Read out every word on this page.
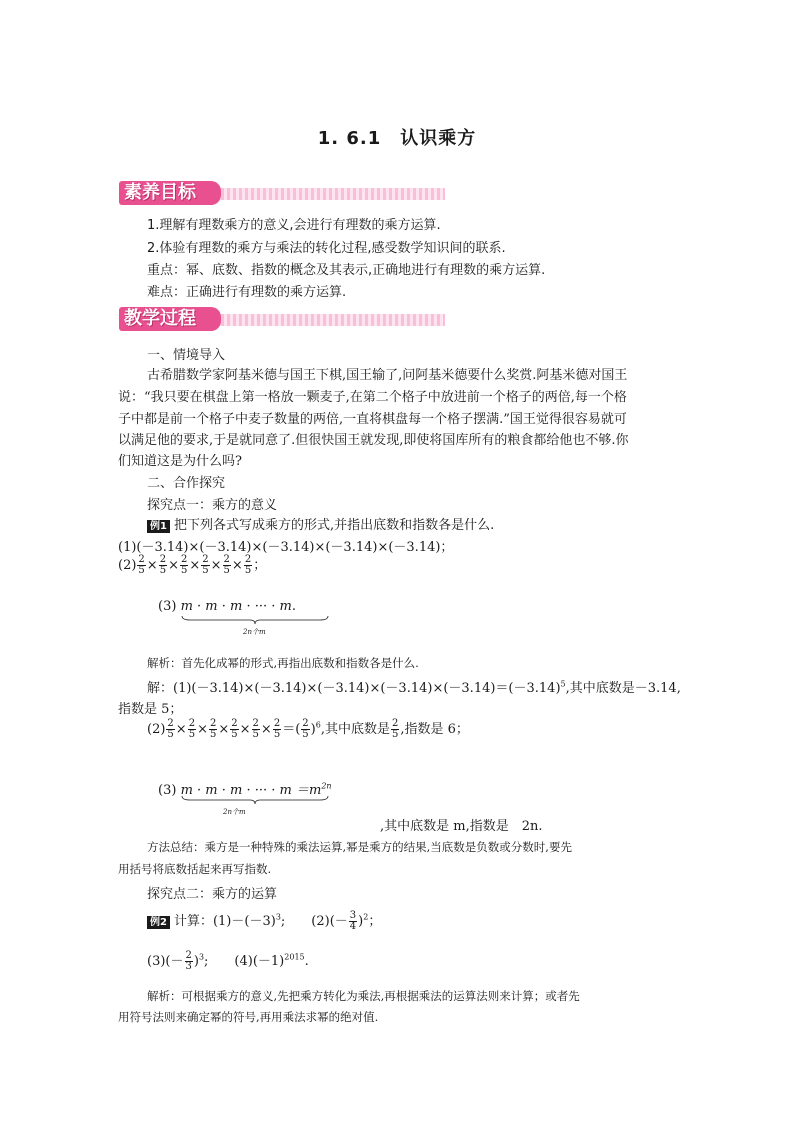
1. 6.1　认识乘方
素养目标
1.理解有理数乘方的意义,会进行有理数的乘方运算.
2.体验有理数的乘方与乘法的转化过程,感受数学知识间的联系.
重点：幂、底数、指数的概念及其表示,正确地进行有理数的乘方运算.
难点：正确进行有理数的乘方运算.
教学过程
一、情境导入
古希腊数学家阿基米德与国王下棋,国王输了,问阿基米德要什么奖赏.阿基米德对国王
说：“我只要在棋盘上第一格放一颗麦子,在第二个格子中放进前一个格子的两倍,每一个格
子中都是前一个格子中麦子数量的两倍,一直将棋盘每一个格子摆满.”国王觉得很容易就可
以满足他的要求,于是就同意了.但很快国王就发现,即使将国库所有的粮食都给他也不够.你
们知道这是为什么吗?
二、合作探究
探究点一：乘方的意义
例1 把下列各式写成乘方的形式,并指出底数和指数各是什么.
(1)(－3.14)×(－3.14)×(－3.14)×(－3.14)×(－3.14)；
$(2) \frac{2}{5} \times \frac{2}{5} \times \frac{2}{5} \times \frac{2}{5} \times \frac{2}{5} \times \frac{2}{5}$ ；
(3) m · m · m · ··· · m.
2n个m
解析：首先化成幂的形式,再指出底数和指数各是什么.
解：$(1)(-3.14)\times(-3.14)\times(-3.14)\times(-3.14)\times(-3.14)=(-3.14)^5$,其中底数是－3.14,
指数是 5；
$(2) \frac{2}{5} \times \frac{2}{5} \times \frac{2}{5} \times \frac{2}{5} \times \frac{2}{5} \times \frac{2}{5}$ ＝( $\frac{2}{5} )^6$,其中底数是 $\frac{2}{5}$ ,指数是 6；
(3) m · m · m · ··· · $m =m^{2n}$
2n个m
,其中底数是 m,指数是　2n.
方法总结：乘方是一种特殊的乘法运算,幂是乘方的结果,当底数是负数或分数时,要先
用括号将底数括起来再写指数.
探究点二：乘方的运算
例2 计算：$(1)-(-3)^3$;　　$(2)(- \frac{3}{4} )^2$；
$(3)(- \frac{2}{3} )^3$;　　$(4)(-1)^{2015}$.
解析：可根据乘方的意义,先把乘方转化为乘法,再根据乘法的运算法则来计算；或者先
用符号法则来确定幂的符号,再用乘法求幂的绝对值.
